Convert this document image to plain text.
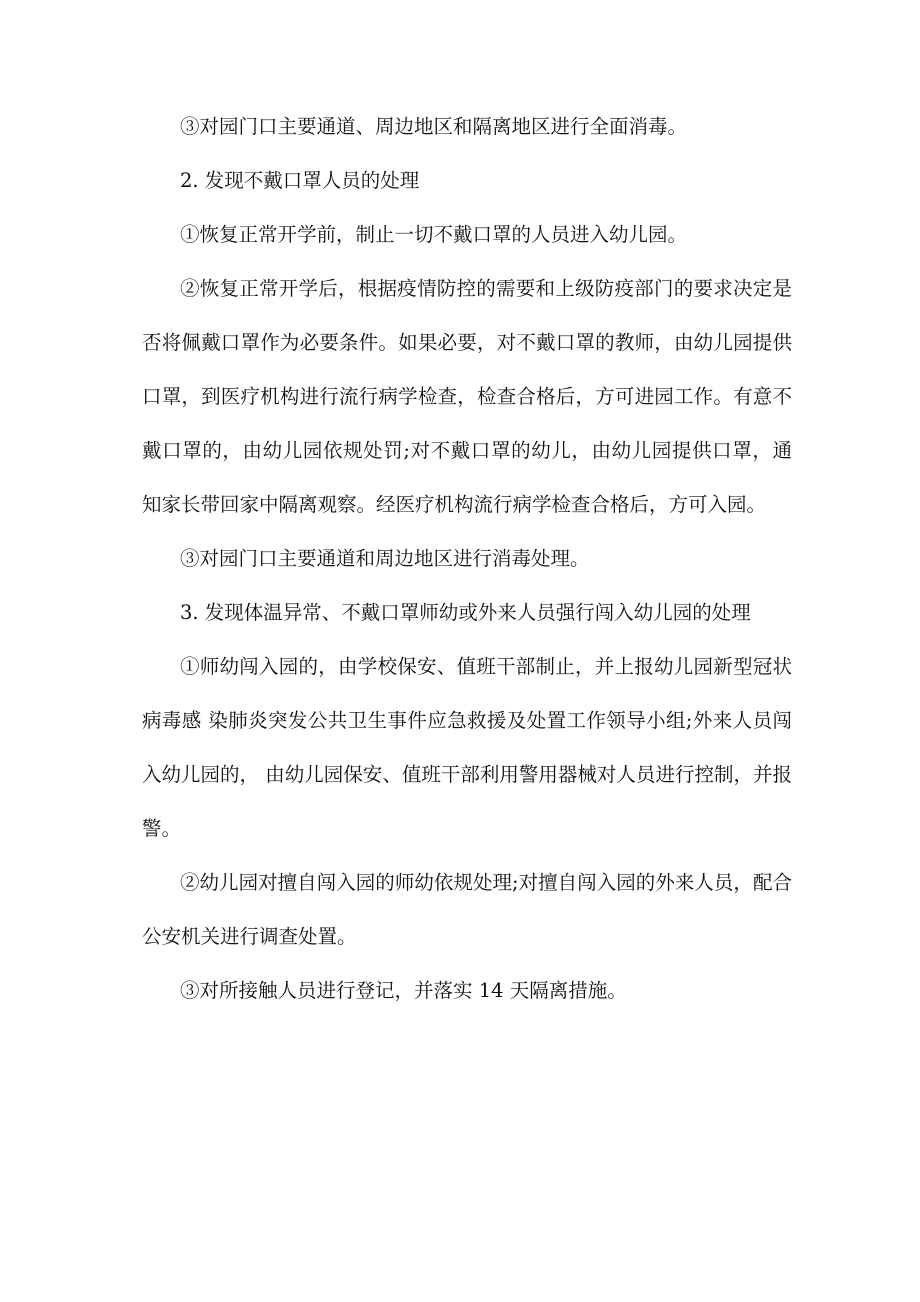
③对园门口主要通道、周边地区和隔离地区进行全面消毒。

2. 发现不戴口罩人员的处理

①恢复正常开学前，制止一切不戴口罩的人员进入幼儿园。

②恢复正常开学后，根据疫情防控的需要和上级防疫部门的要求决定是否将佩戴口罩作为必要条件。如果必要，对不戴口罩的教师，由幼儿园提供口罩，到医疗机构进行流行病学检查，检查合格后，方可进园工作。有意不戴口罩的，由幼儿园依规处罚;对不戴口罩的幼儿，由幼儿园提供口罩，通知家长带回家中隔离观察。经医疗机构流行病学检查合格后，方可入园。

③对园门口主要通道和周边地区进行消毒处理。

3. 发现体温异常、不戴口罩师幼或外来人员强行闯入幼儿园的处理

①师幼闯入园的，由学校保安、值班干部制止，并上报幼儿园新型冠状病毒感 染肺炎突发公共卫生事件应急救援及处置工作领导小组;外来人员闯入幼儿园的， 由幼儿园保安、值班干部利用警用器械对人员进行控制，并报警。

②幼儿园对擅自闯入园的师幼依规处理;对擅自闯入园的外来人员，配合公安机关进行调查处置。

③对所接触人员进行登记，并落实 14 天隔离措施。
